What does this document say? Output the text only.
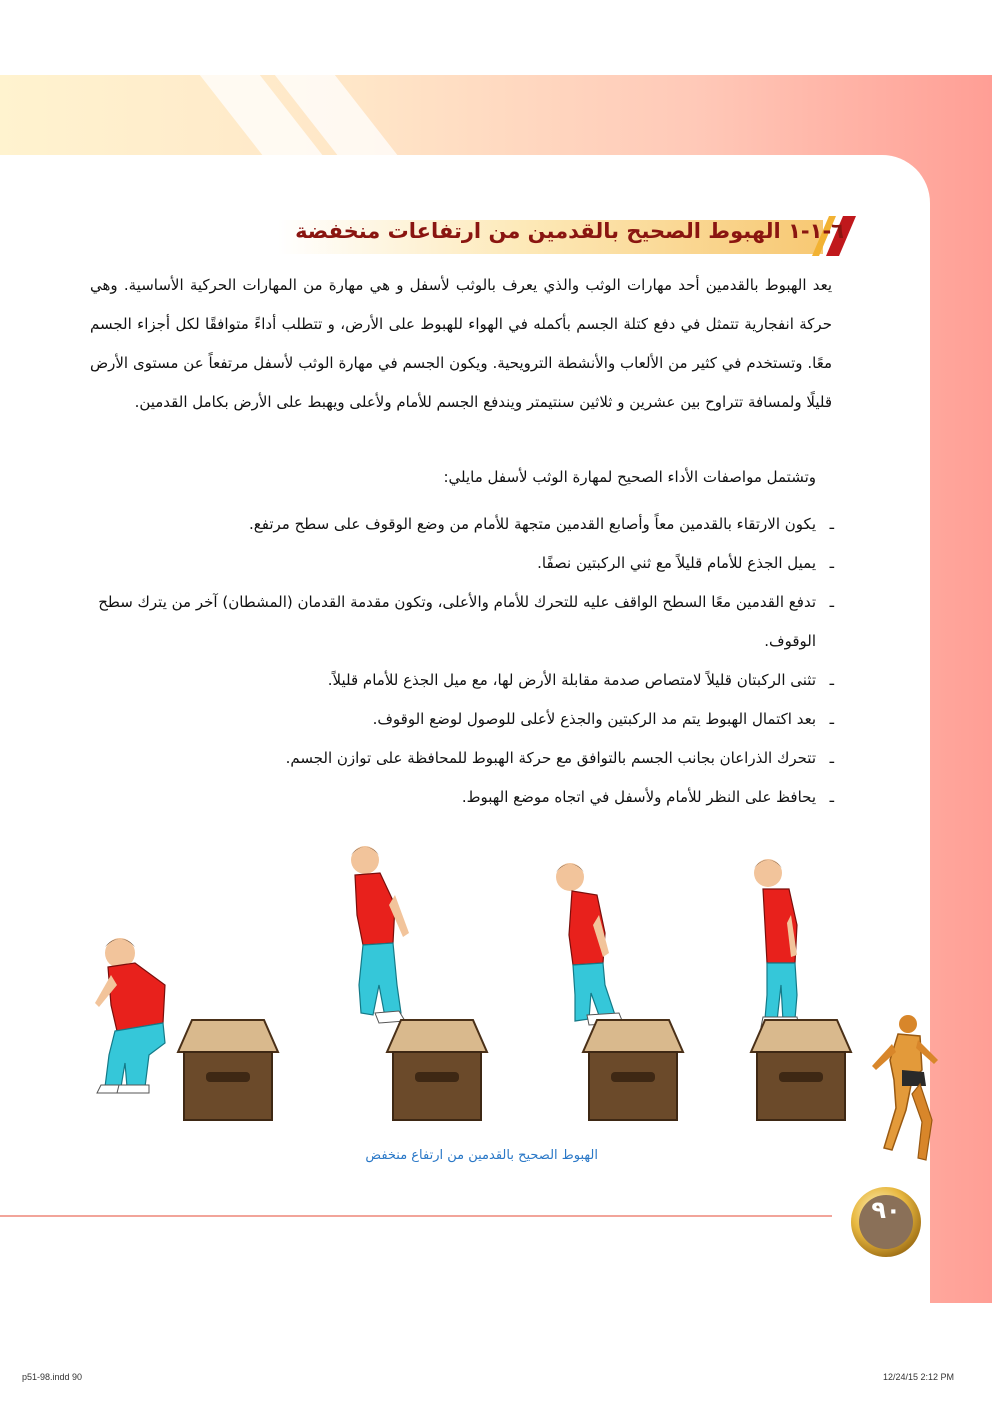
٦-١-١ الهبوط الصحيح بالقدمين من ارتفاعات منخفضة
يعد الهبوط بالقدمين أحد مهارات الوثب والذي يعرف بالوثب لأسفل و هي مهارة من المهارات الحركية الأساسية. وهي حركة انفجارية تتمثل في دفع كتلة الجسم بأكمله في الهواء للهبوط على الأرض، و تتطلب أداءً متوافقًا لكل أجزاء الجسم معًا. وتستخدم في كثير من الألعاب والأنشطة الترويحية. ويكون الجسم في مهارة الوثب لأسفل مرتفعاً عن مستوى الأرض قليلًا ولمسافة تتراوح بين عشرين و ثلاثين سنتيمتر ويندفع الجسم للأمام ولأعلى ويهبط على الأرض بكامل القدمين.
وتشتمل مواصفات الأداء الصحيح لمهارة الوثب لأسفل مايلي:
ـ
يكون الارتقاء بالقدمين معاً وأصابع القدمين متجهة للأمام من وضع الوقوف على سطح مرتفع.
ـ
يميل الجذع للأمام قليلاً مع ثني الركبتين نصفًا.
ـ
تدفع القدمين معًا السطح الواقف عليه للتحرك للأمام والأعلى، وتكون مقدمة القدمان (المشطان) آخر من يترك سطح الوقوف.
ـ
تثنى الركبتان قليلاً لامتصاص صدمة مقابلة الأرض لها، مع ميل الجذع للأمام قليلاً.
ـ
بعد اكتمال الهبوط يتم مد الركبتين والجذع لأعلى للوصول لوضع الوقوف.
ـ
تتحرك الذراعان بجانب الجسم بالتوافق مع حركة الهبوط للمحافظة على توازن الجسم.
ـ
يحافظ على النظر للأمام ولأسفل في اتجاه موضع الهبوط.
الهبوط الصحيح بالقدمين من ارتفاع منخفض
٩٠
p51-98.indd 90	12/24/15 2:12 PM
